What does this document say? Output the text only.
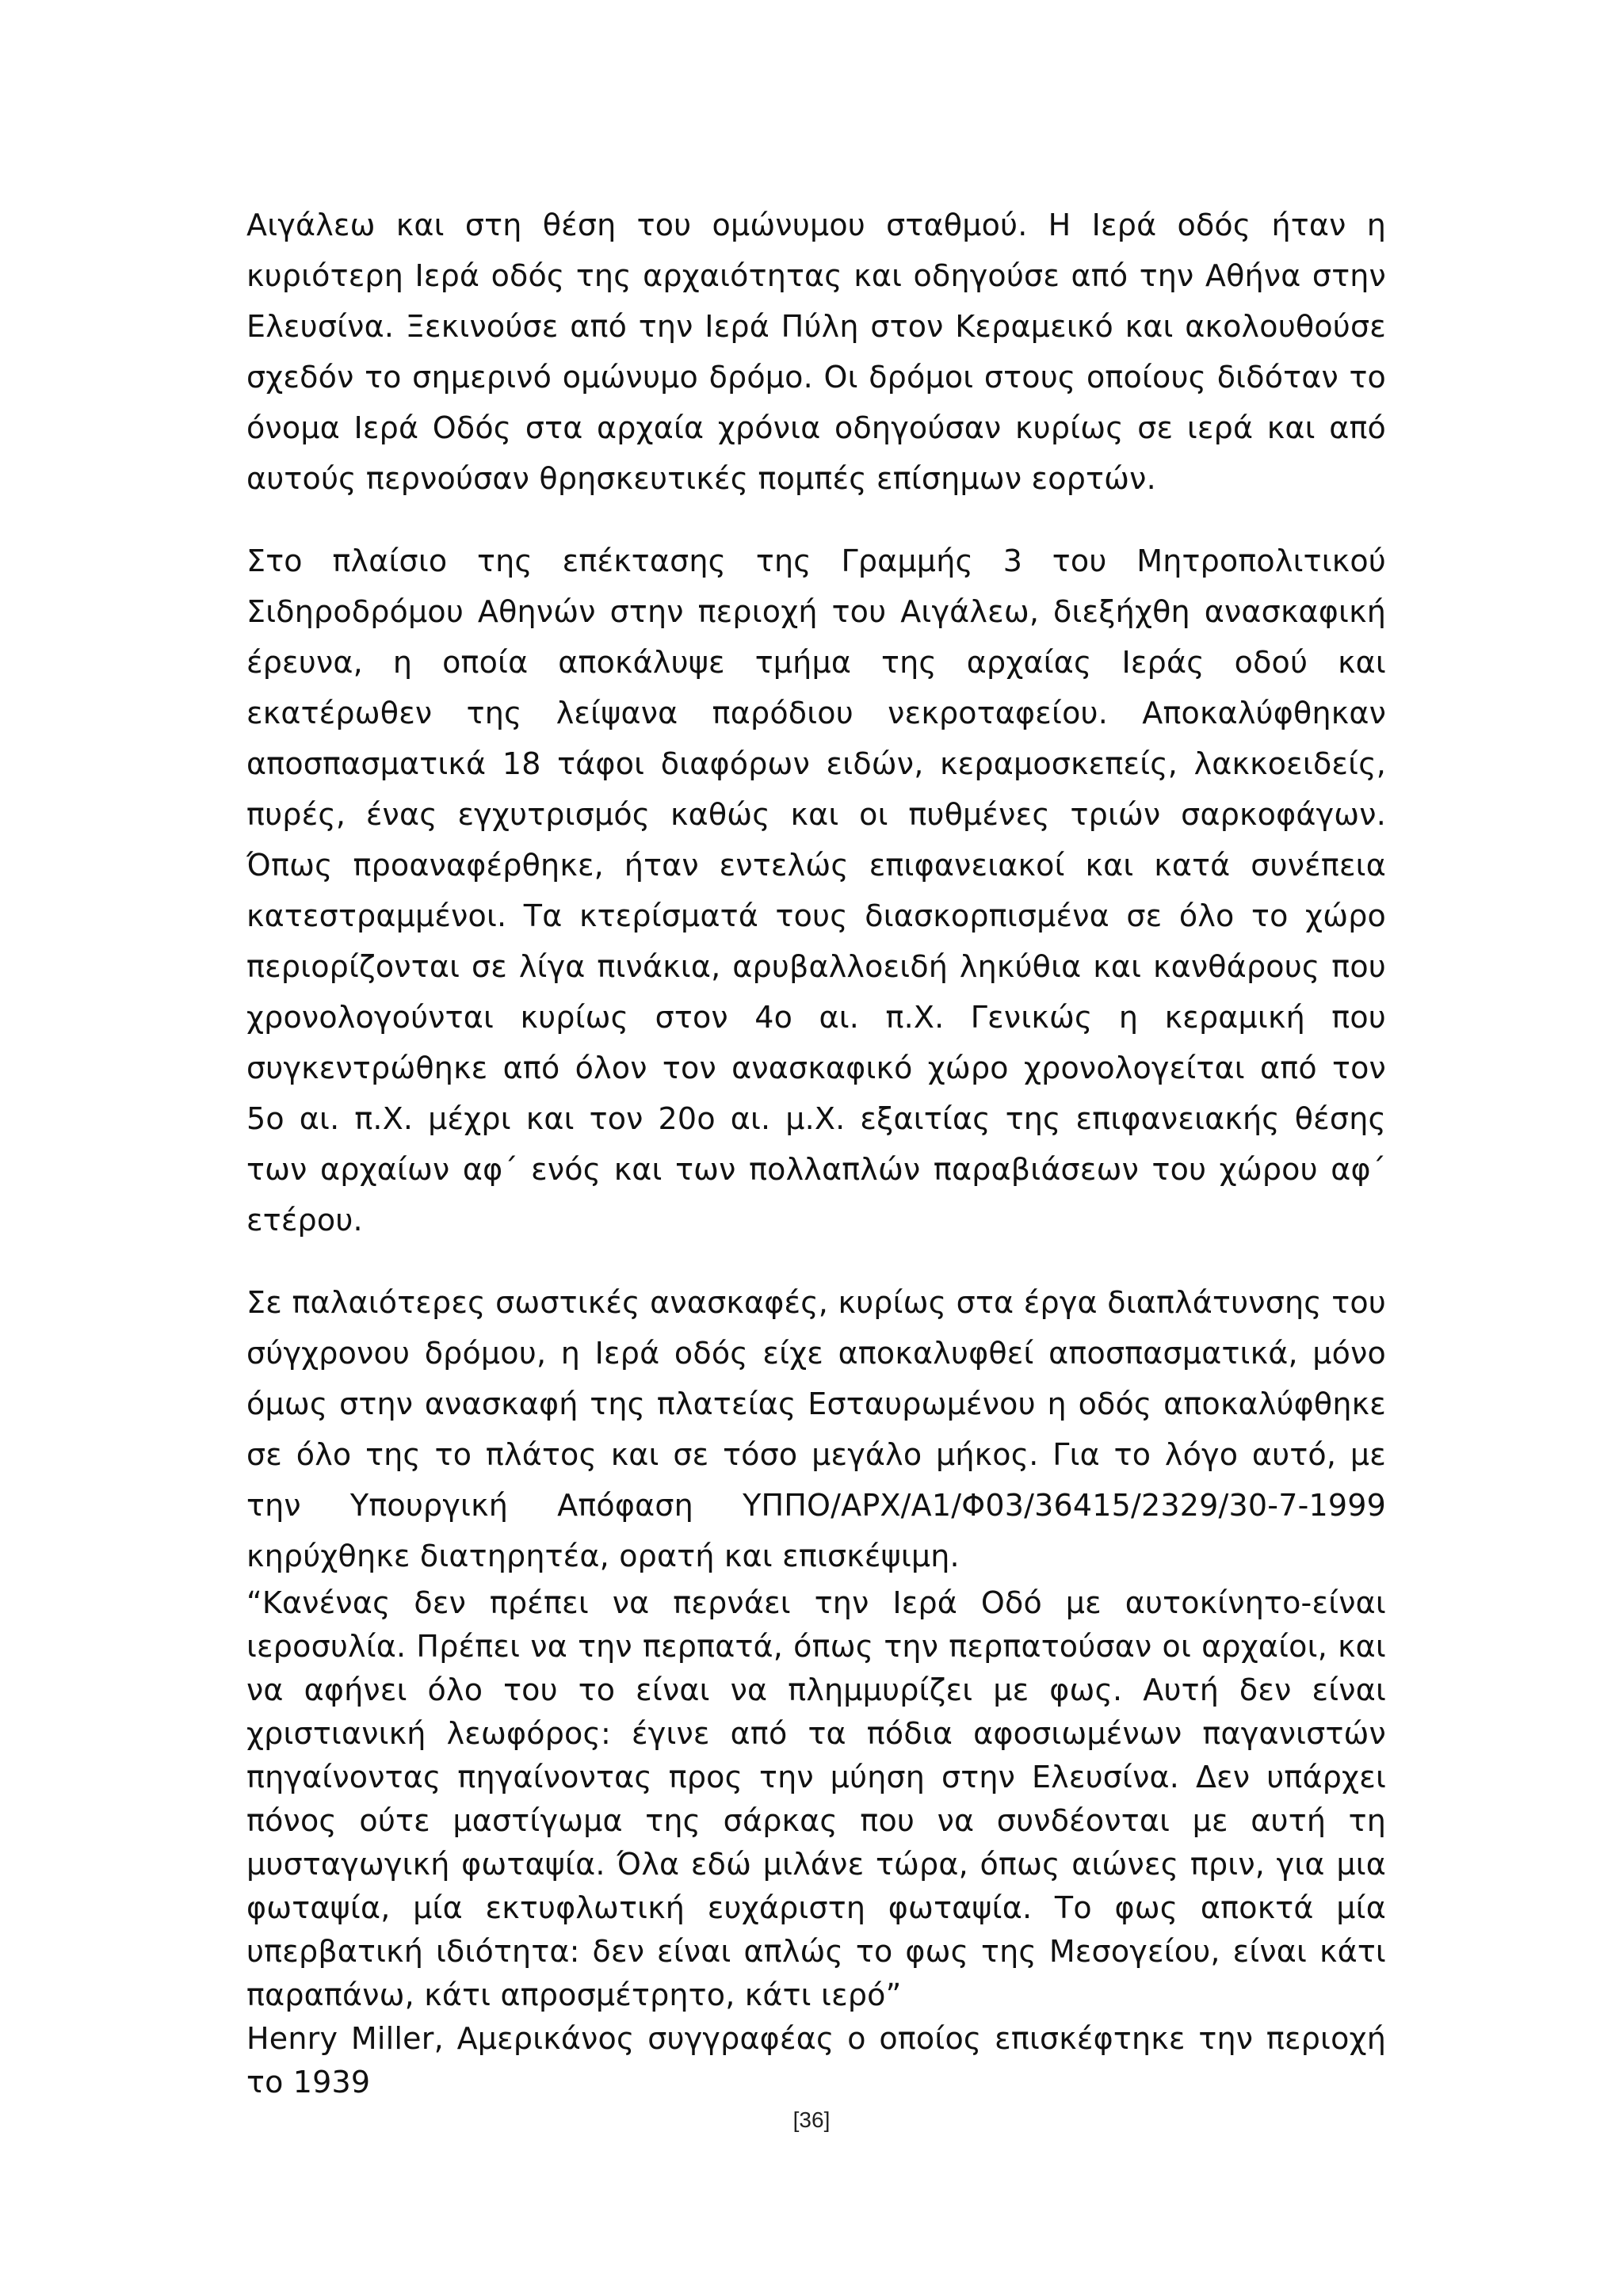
Αιγάλεω και στη θέση του ομώνυμου σταθμού. Η Ιερά οδός ήταν η κυριότερη Ιερά οδός της αρχαιότητας και οδηγούσε από την Αθήνα στην Ελευσίνα. Ξεκινούσε από την Ιερά Πύλη στον Κεραμεικό και ακολουθούσε σχεδόν το σημερινό ομώνυμο δρόμο. Οι δρόμοι στους οποίους διδόταν το όνομα Ιερά Οδός στα αρχαία χρόνια οδηγούσαν κυρίως σε ιερά και από αυτούς περνούσαν θρησκευτικές πομπές επίσημων εορτών.

Στο πλαίσιο της επέκτασης της Γραμμής 3 του Μητροπολιτικού Σιδηροδρόμου Αθηνών στην περιοχή του Αιγάλεω, διεξήχθη ανασκαφική έρευνα, η οποία αποκάλυψε τμήμα της αρχαίας Ιεράς οδού και εκατέρωθεν της λείψανα παρόδιου νεκροταφείου. Αποκαλύφθηκαν αποσπασματικά 18 τάφοι διαφόρων ειδών, κεραμοσκεπείς, λακκοειδείς, πυρές, ένας εγχυτρισμός καθώς και οι πυθμένες τριών σαρκοφάγων. Όπως προαναφέρθηκε, ήταν εντελώς επιφανειακοί και κατά συνέπεια κατεστραμμένοι. Τα κτερίσματά τους διασκορπισμένα σε όλο το χώρο περιορίζονται σε λίγα πινάκια, αρυβαλλοειδή ληκύθια και κανθάρους που χρονολογούνται κυρίως στον 4ο αι. π.Χ. Γενικώς η κεραμική που συγκεντρώθηκε από όλον τον ανασκαφικό χώρο χρονολογείται από τον 5ο αι. π.Χ. μέχρι και τον 20ο αι. μ.Χ. εξαιτίας της επιφανειακής θέσης των αρχαίων αφ΄ ενός και των πολλαπλών παραβιάσεων του χώρου αφ΄ ετέρου.

Σε παλαιότερες σωστικές ανασκαφές, κυρίως στα έργα διαπλάτυνσης του σύγχρονου δρόμου, η Ιερά οδός είχε αποκαλυφθεί αποσπασματικά, μόνο όμως στην ανασκαφή της πλατείας Εσταυρωμένου η οδός αποκαλύφθηκε σε όλο της το πλάτος και σε τόσο μεγάλο μήκος. Για το λόγο αυτό, με την Υπουργική Απόφαση ΥΠΠΟ/ΑΡΧ/Α1/Φ03/36415/2329/30-7-1999 κηρύχθηκε διατηρητέα, ορατή και επισκέψιμη.

“Κανένας δεν πρέπει να περνάει την Ιερά Οδό με αυτοκίνητο-είναι ιεροσυλία. Πρέπει να την περπατά, όπως την περπατούσαν οι αρχαίοι, και να αφήνει όλο του το είναι να πλημμυρίζει με φως. Αυτή δεν είναι χριστιανική λεωφόρος: έγινε από τα πόδια αφοσιωμένων παγανιστών πηγαίνοντας πηγαίνοντας προς την μύηση στην Ελευσίνα. Δεν υπάρχει πόνος ούτε μαστίγωμα της σάρκας που να συνδέονται με αυτή τη μυσταγωγική φωταψία. Όλα εδώ μιλάνε τώρα, όπως αιώνες πριν, για μια φωταψία, μία εκτυφλωτική ευχάριστη φωταψία. Το φως αποκτά μία υπερβατική ιδιότητα: δεν είναι απλώς το φως της Μεσογείου, είναι κάτι παραπάνω, κάτι απροσμέτρητο, κάτι ιερό”

Henry Miller, Αμερικάνος συγγραφέας ο οποίος επισκέφτηκε την περιοχή το 1939

[36]
